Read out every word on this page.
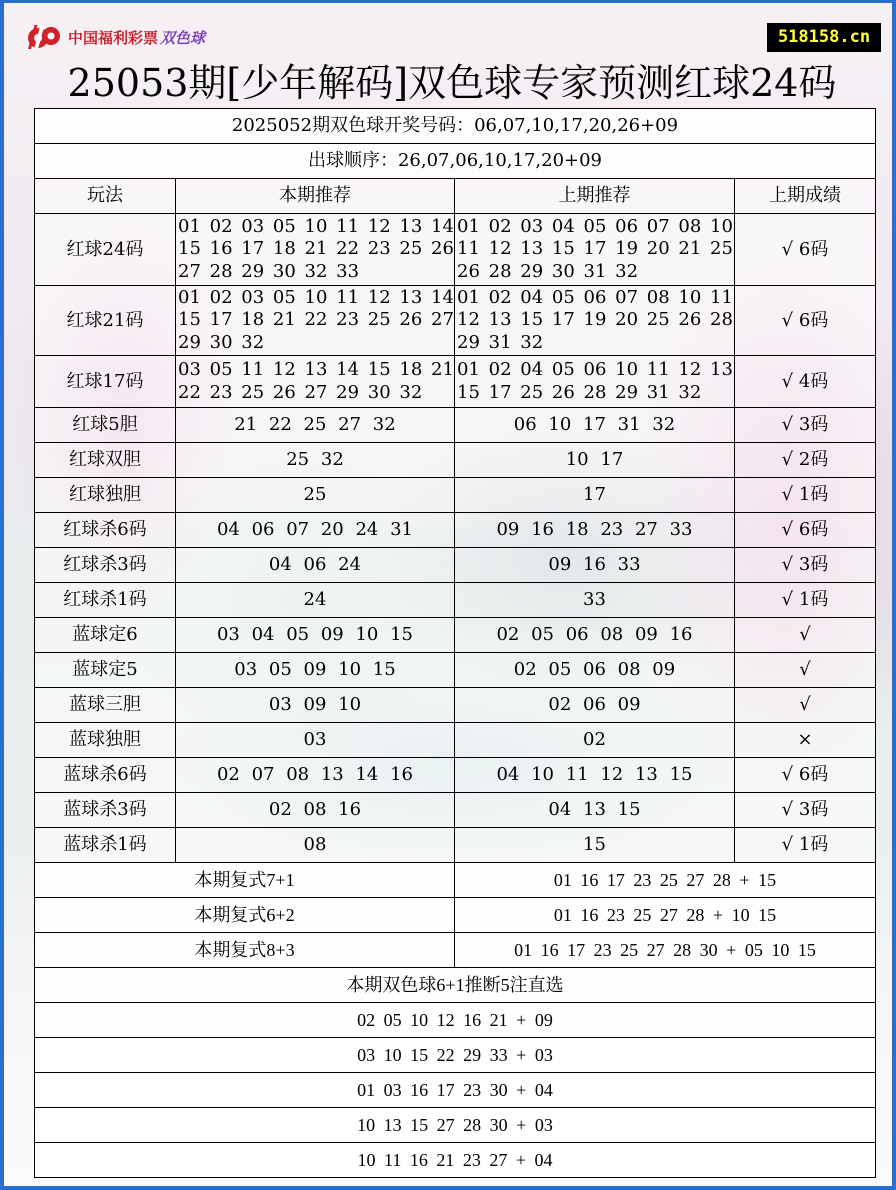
中国福利彩票 双色球	518158.cn
25053期[少年解码]双色球专家预测红球24码
2025052期双色球开奖号码：06,07,10,17,20,26+09			
出球顺序：26,07,06,10,17,20+09			
玩法	本期推荐	上期推荐	上期成绩
红球24码	01 02 03 05 10 11 12 13 14
15 16 17 18 21 22 23 25 26
27 28 29 30 32 33	01 02 03 04 05 06 07 08 10
11 12 13 15 17 19 20 21 25
26 28 29 30 31 32	√ 6码
红球21码	01 02 03 05 10 11 12 13 14
15 17 18 21 22 23 25 26 27
29 30 32	01 02 04 05 06 07 08 10 11
12 13 15 17 19 20 25 26 28
29 31 32	√ 6码
红球17码	03 05 11 12 13 14 15 18 21
22 23 25 26 27 29 30 32	01 02 04 05 06 10 11 12 13
15 17 25 26 28 29 31 32	√ 4码
红球5胆	21 22 25 27 32	06 10 17 31 32	√ 3码
红球双胆	25 32	10 17	√ 2码
红球独胆	25	17	√ 1码
红球杀6码	04 06 07 20 24 31	09 16 18 23 27 33	√ 6码
红球杀3码	04 06 24	09 16 33	√ 3码
红球杀1码	24	33	√ 1码
蓝球定6	03 04 05 09 10 15	02 05 06 08 09 16	√
蓝球定5	03 05 09 10 15	02 05 06 08 09	√
蓝球三胆	03 09 10	02 06 09	√
蓝球独胆	03	02	×
蓝球杀6码	02 07 08 13 14 16	04 10 11 12 13 15	√ 6码
蓝球杀3码	02 08 16	04 13 15	√ 3码
蓝球杀1码	08	15	√ 1码
本期复式7+1		01 16 17 23 25 27 28 + 15	
本期复式6+2		01 16 23 25 27 28 + 10 15	
本期复式8+3		01 16 17 23 25 27 28 30 + 05 10 15	
本期双色球6+1推断5注直选			
02 05 10 12 16 21 + 09			
03 10 15 22 29 33 + 03			
01 03 16 17 23 30 + 04			
10 13 15 27 28 30 + 03			
10 11 16 21 23 27 + 04			
